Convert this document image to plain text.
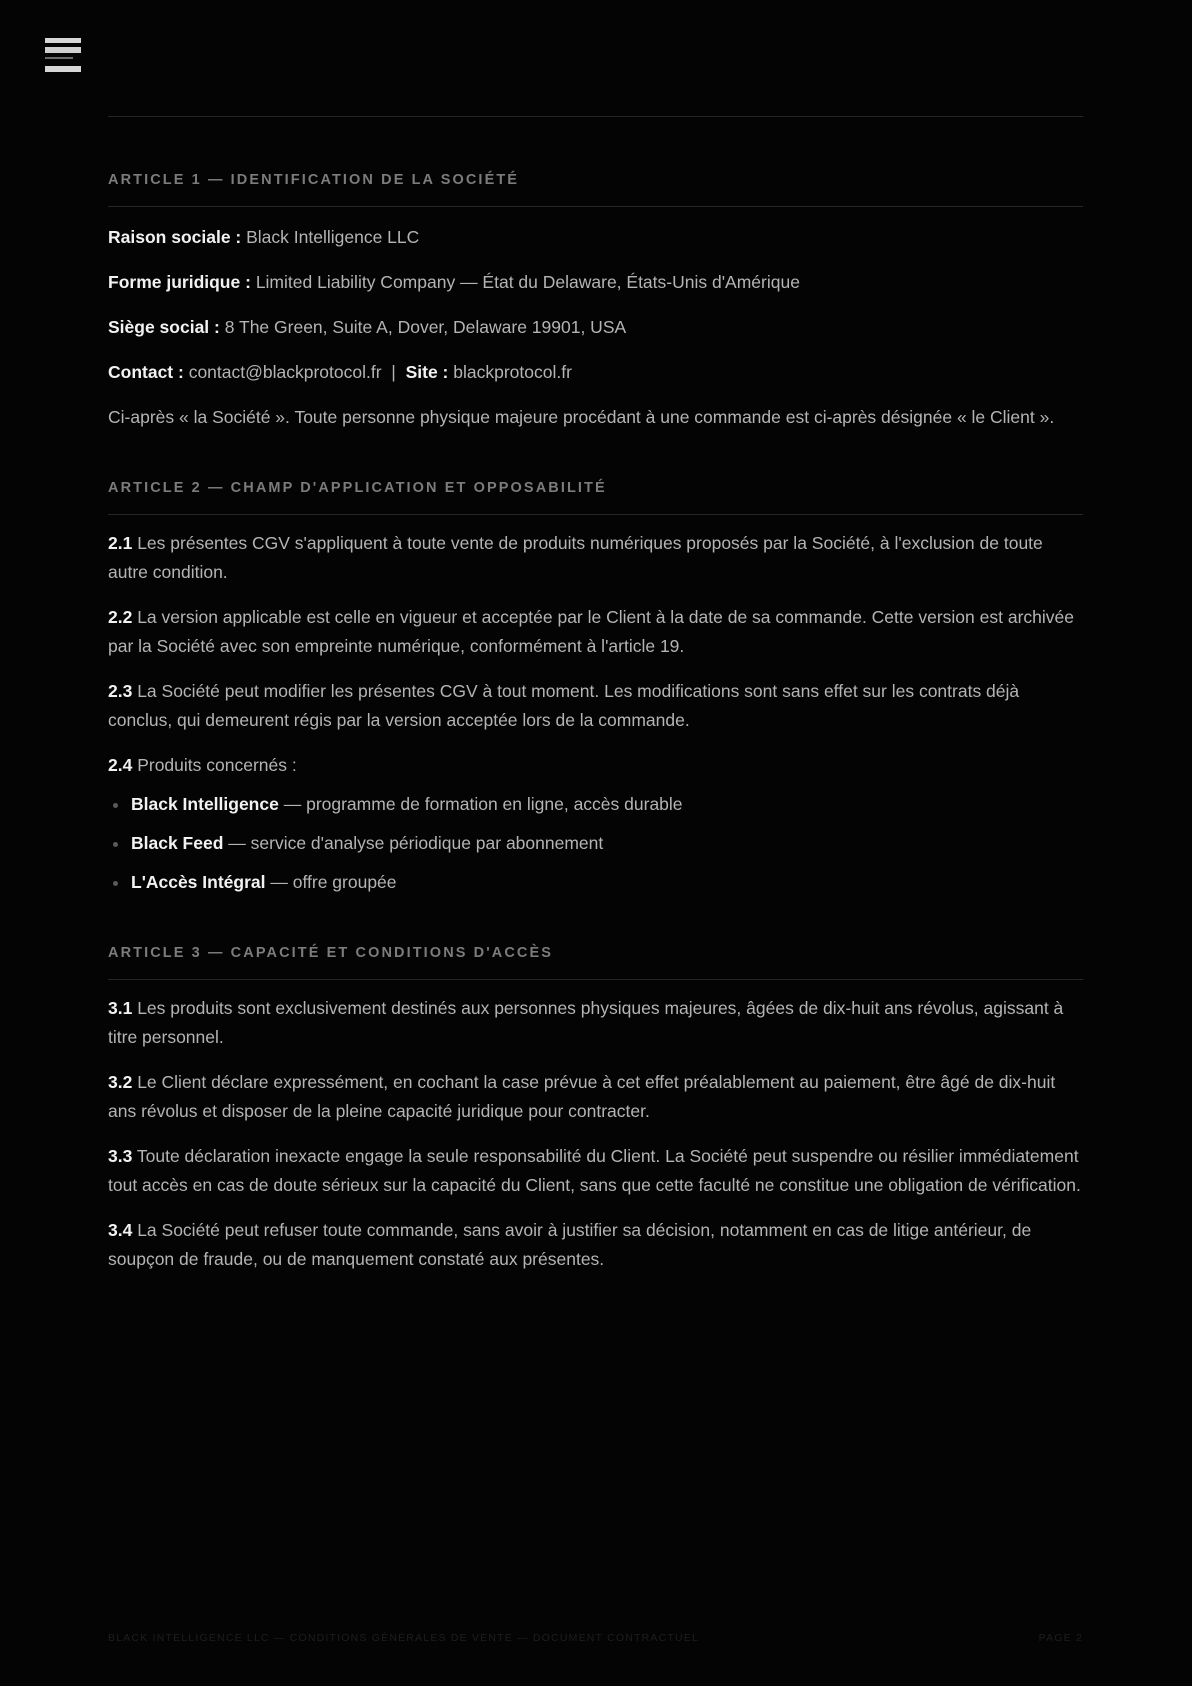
ARTICLE 1 — IDENTIFICATION DE LA SOCIÉTÉ

Raison sociale : Black Intelligence LLC

Forme juridique : Limited Liability Company — État du Delaware, États-Unis d'Amérique

Siège social : 8 The Green, Suite A, Dover, Delaware 19901, USA

Contact : contact@blackprotocol.fr | Site : blackprotocol.fr

Ci-après « la Société ». Toute personne physique majeure procédant à une commande est ci-après désignée « le Client ».

ARTICLE 2 — CHAMP D'APPLICATION ET OPPOSABILITÉ

2.1 Les présentes CGV s'appliquent à toute vente de produits numériques proposés par la Société, à l'exclusion de toute autre condition.

2.2 La version applicable est celle en vigueur et acceptée par le Client à la date de sa commande. Cette version est archivée par la Société avec son empreinte numérique, conformément à l'article 19.

2.3 La Société peut modifier les présentes CGV à tout moment. Les modifications sont sans effet sur les contrats déjà conclus, qui demeurent régis par la version acceptée lors de la commande.

2.4 Produits concernés :

Black Intelligence — programme de formation en ligne, accès durable
Black Feed — service d'analyse périodique par abonnement
L'Accès Intégral — offre groupée
ARTICLE 3 — CAPACITÉ ET CONDITIONS D'ACCÈS

3.1 Les produits sont exclusivement destinés aux personnes physiques majeures, âgées de dix-huit ans révolus, agissant à titre personnel.

3.2 Le Client déclare expressément, en cochant la case prévue à cet effet préalablement au paiement, être âgé de dix-huit ans révolus et disposer de la pleine capacité juridique pour contracter.

3.3 Toute déclaration inexacte engage la seule responsabilité du Client. La Société peut suspendre ou résilier immédiatement tout accès en cas de doute sérieux sur la capacité du Client, sans que cette faculté ne constitue une obligation de vérification.

3.4 La Société peut refuser toute commande, sans avoir à justifier sa décision, notamment en cas de litige antérieur, de soupçon de fraude, ou de manquement constaté aux présentes.

BLACK INTELLIGENCE LLC — CONDITIONS GÉNÉRALES DE VENTE — DOCUMENT CONTRACTUEL	PAGE 2
